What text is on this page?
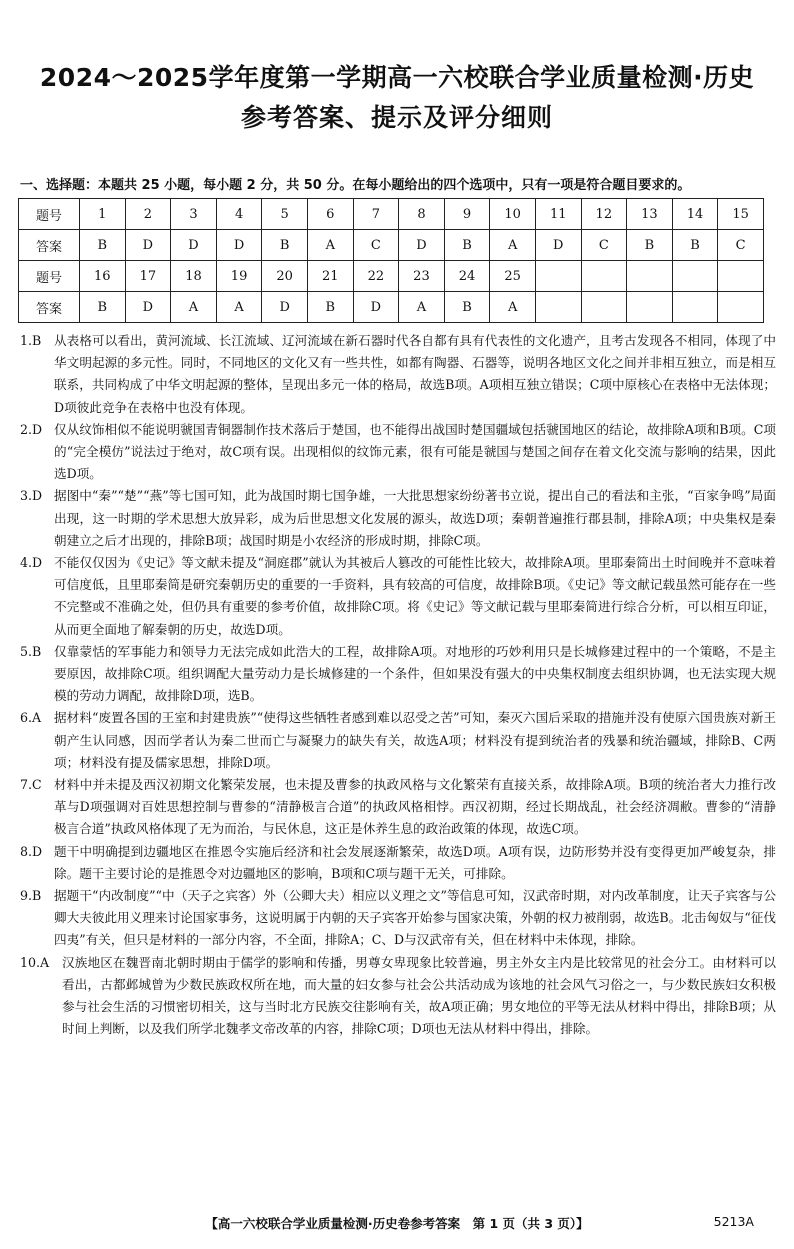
2024～2025学年度第一学期高一六校联合学业质量检测·历史
参考答案、提示及评分细则
一、选择题：本题共 25 小题，每小题 2 分，共 50 分。在每小题给出的四个选项中，只有一项是符合题目要求的。
题号	1	2	3	4	5	6	7	8	9	10	11	12	13	14	15
答案	B	D	D	D	B	A	C	D	B	A	D	C	B	B	C
题号	16	17	18	19	20	21	22	23	24	25					
答案	B	D	A	A	D	B	D	A	B	A					
1.B	从表格可以看出，黄河流域、长江流域、辽河流域在新石器时代各自都有具有代表性的文化遗产，且考古发现各不相同，体现了中华文明起源的多元性。同时，不同地区的文化又有一些共性，如都有陶器、石器等，说明各地区文化之间并非相互独立，而是相互联系，共同构成了中华文明起源的整体，呈现出多元一体的格局，故选B项。A项相互独立错误；C项中原核心在表格中无法体现；D项彼此竞争在表格中也没有体现。
2.D 仅从纹饰相似不能说明虢国青铜器制作技术落后于楚国，也不能得出战国时楚国疆域包括虢国地区的结论，故排除A项和B项。C项的“完全模仿”说法过于绝对，故C项有误。出现相似的纹饰元素，很有可能是虢国与楚国之间存在着文化交流与影响的结果，因此选D项。
3.D 据图中“秦”“楚”“燕”等七国可知，此为战国时期七国争雄，一大批思想家纷纷著书立说，提出自己的看法和主张，“百家争鸣”局面出现，这一时期的学术思想大放异彩，成为后世思想文化发展的源头，故选D项；秦朝普遍推行郡县制，排除A项；中央集权是秦朝建立之后才出现的，排除B项；战国时期是小农经济的形成时期，排除C项。
4.D 不能仅仅因为《史记》等文献未提及“洞庭郡”就认为其被后人篡改的可能性比较大，故排除A项。里耶秦简出土时间晚并不意味着可信度低，且里耶秦简是研究秦朝历史的重要的一手资料，具有较高的可信度，故排除B项。《史记》等文献记载虽然可能存在一些不完整或不准确之处，但仍具有重要的参考价值，故排除C项。将《史记》等文献记载与里耶秦简进行综合分析，可以相互印证，从而更全面地了解秦朝的历史，故选D项。
5.B	仅靠蒙恬的军事能力和领导力无法完成如此浩大的工程，故排除A项。对地形的巧妙利用只是长城修建过程中的一个策略，不是主要原因，故排除C项。组织调配大量劳动力是长城修建的一个条件，但如果没有强大的中央集权制度去组织协调，也无法实现大规模的劳动力调配，故排除D项，选B。
6.A	据材料“废置各国的王室和封建贵族”“使得这些牺牲者感到难以忍受之苦”可知，秦灭六国后采取的措施并没有使原六国贵族对新王朝产生认同感，因而学者认为秦二世而亡与凝聚力的缺失有关，故选A项；材料没有提到统治者的残暴和统治疆域，排除B、C两项；材料没有提及儒家思想，排除D项。
7.C 材料中并未提及西汉初期文化繁荣发展，也未提及曹参的执政风格与文化繁荣有直接关系，故排除A项。B项的统治者大力推行改革与D项强调对百姓思想控制与曹参的“清静极言合道”的执政风格相悖。西汉初期，经过长期战乱，社会经济凋敝。曹参的“清静极言合道”执政风格体现了无为而治，与民休息，这正是休养生息的政治政策的体现，故选C项。
8.D 题干中明确提到边疆地区在推恩令实施后经济和社会发展逐渐繁荣，故选D项。A项有误，边防形势并没有变得更加严峻复杂，排除。题干主要讨论的是推恩令对边疆地区的影响，B项和C项与题干无关，可排除。
9.B	据题干“内改制度”“中（天子之宾客）外（公卿大夫）相应以义理之文”等信息可知，汉武帝时期，对内改革制度，让天子宾客与公卿大夫彼此用义理来讨论国家事务，这说明属于内朝的天子宾客开始参与国家决策，外朝的权力被削弱，故选B。北击匈奴与“征伐四夷”有关，但只是材料的一部分内容，不全面，排除A；C、D与汉武帝有关，但在材料中未体现，排除。
10.A	汉族地区在魏晋南北朝时期由于儒学的影响和传播，男尊女卑现象比较普遍，男主外女主内是比较常见的社会分工。由材料可以看出，古都邺城曾为少数民族政权所在地，而大量的妇女参与社会公共活动成为该地的社会风气习俗之一，与少数民族妇女积极参与社会生活的习惯密切相关，这与当时北方民族交往影响有关，故A项正确；男女地位的平等无法从材料中得出，排除B项；从时间上判断，以及我们所学北魏孝文帝改革的内容，排除C项；D项也无法从材料中得出，排除。
【高一六校联合学业质量检测·历史卷参考答案　第 1 页（共 3 页）】	5213A
